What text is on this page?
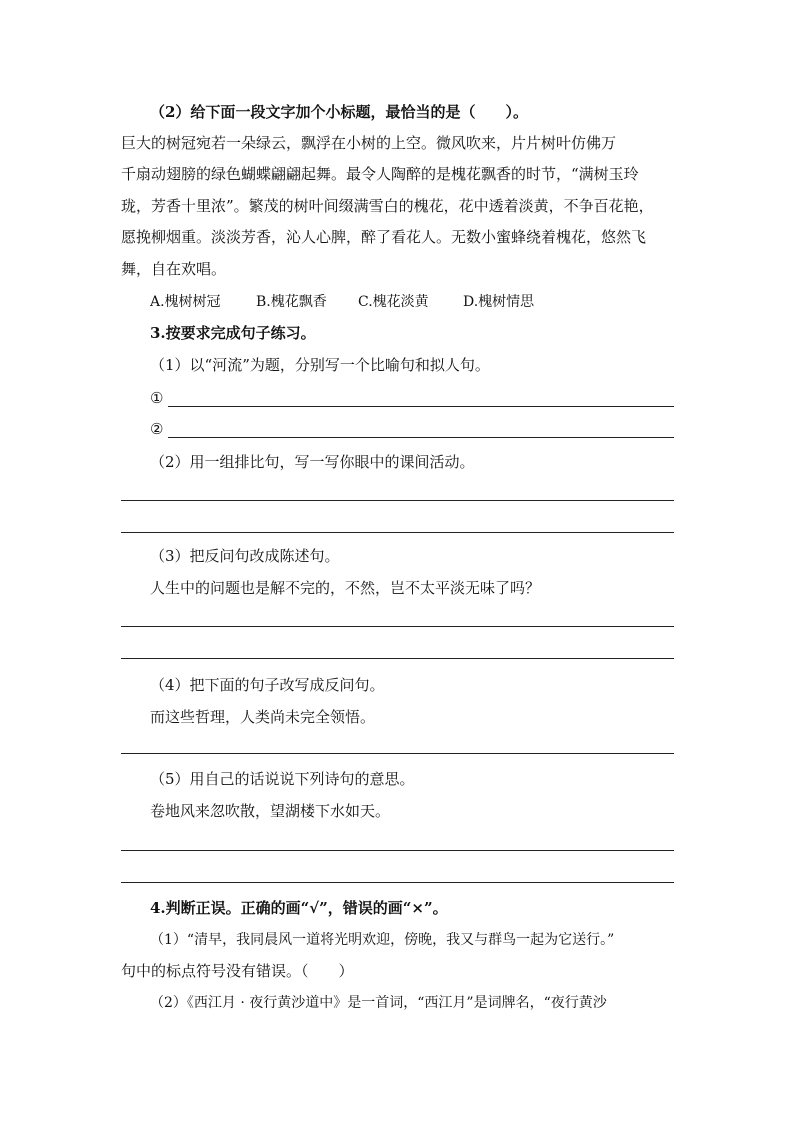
（2）给下面一段文字加个小标题，最恰当的是（　　）。
巨大的树冠宛若一朵绿云，飘浮在小树的上空。微风吹来，片片树叶仿佛万
千扇动翅膀的绿色蝴蝶翩翩起舞。最令人陶醉的是槐花飘香的时节，“满树玉玲
珑，芳香十里浓”。繁茂的树叶间缀满雪白的槐花，花中透着淡黄，不争百花艳，
愿挽柳烟重。淡淡芳香，沁人心脾，醉了看花人。无数小蜜蜂绕着槐花，悠然飞
舞，自在欢唱。
A.槐树树冠	B.槐花飘香 C.槐花淡黄 D.槐树情思
3.按要求完成句子练习。
（1）以“河流”为题，分别写一个比喻句和拟人句。
①
②
（2）用一组排比句，写一写你眼中的课间活动。
（3）把反问句改成陈述句。
人生中的问题也是解不完的，不然，岂不太平淡无味了吗？
（4）把下面的句子改写成反问句。
而这些哲理，人类尚未完全领悟。
（5）用自己的话说说下列诗句的意思。
卷地风来忽吹散，望湖楼下水如天。
4.判断正误。正确的画“√”，错误的画“×”。
（1）“清早，我同晨风一道将光明欢迎，傍晚，我又与群鸟一起为它送行。”
句中的标点符号没有错误。（　　）
（2）《西江月 · 夜行黄沙道中》是一首词，“西江月”是词牌名，“夜行黄沙
